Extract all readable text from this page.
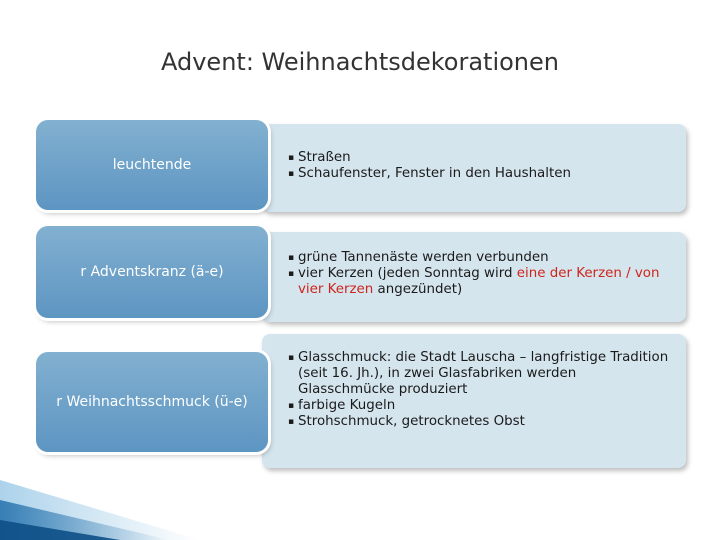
Advent: Weihnachtsdekorationen
▪ Straßen
▪ Schaufenster, Fenster in den Haushalten
leuchtende
▪ grüne Tannenäste werden verbunden
▪ vier Kerzen (jeden Sonntag wird eine der Kerzen / von vier Kerzen angezündet)
r Adventskranz (ä-e)
▪ Glasschmuck: die Stadt Lauscha – langfristige Tradition (seit 16. Jh.), in zwei Glasfabriken werden Glasschmücke produziert
▪ farbige Kugeln
▪ Strohschmuck, getrocknetes Obst
r Weihnachtsschmuck (ü-e)
